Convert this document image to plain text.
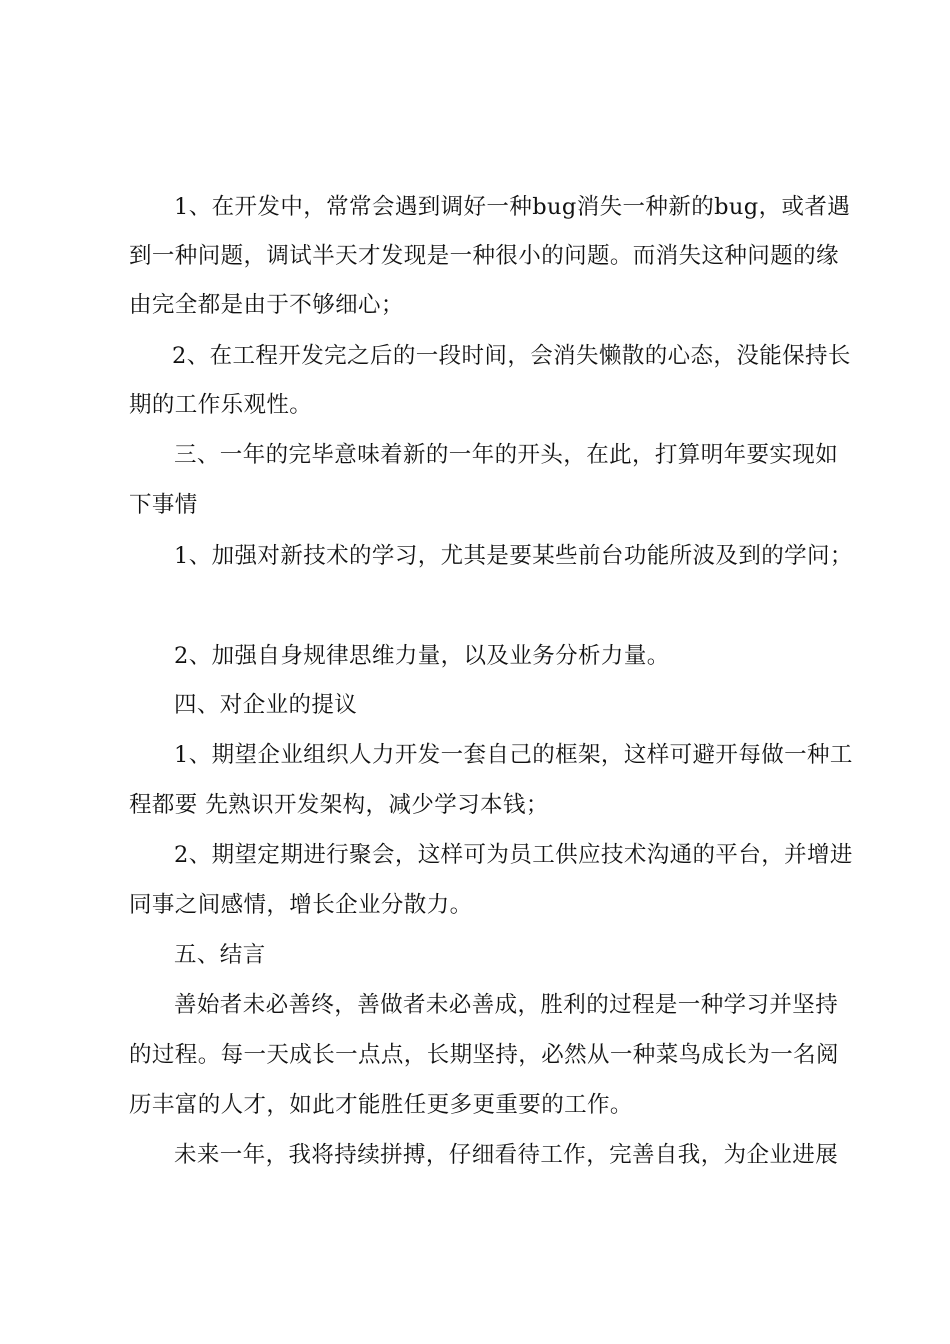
1、在开发中，常常会遇到调好一种bug消失一种新的bug，或者遇
到一种问题，调试半天才发现是一种很小的问题。而消失这种问题的缘
由完全都是由于不够细心；
2、在工程开发完之后的一段时间，会消失懒散的心态，没能保持长
期的工作乐观性。
三、一年的完毕意味着新的一年的开头，在此，打算明年要实现如
下事情
1、加强对新技术的学习，尤其是要某些前台功能所波及到的学问；
2、加强自身规律思维力量，以及业务分析力量。
四、对企业的提议
1、期望企业组织人力开发一套自己的框架，这样可避开每做一种工
程都要 先熟识开发架构，减少学习本钱；
2、期望定期进行聚会，这样可为员工供应技术沟通的平台，并增进
同事之间感情，增长企业分散力。
五、结言
善始者未必善终，善做者未必善成，胜利的过程是一种学习并坚持
的过程。每一天成长一点点，长期坚持，必然从一种菜鸟成长为一名阅
历丰富的人才，如此才能胜任更多更重要的工作。
未来一年，我将持续拼搏，仔细看待工作，完善自我，为企业进展
